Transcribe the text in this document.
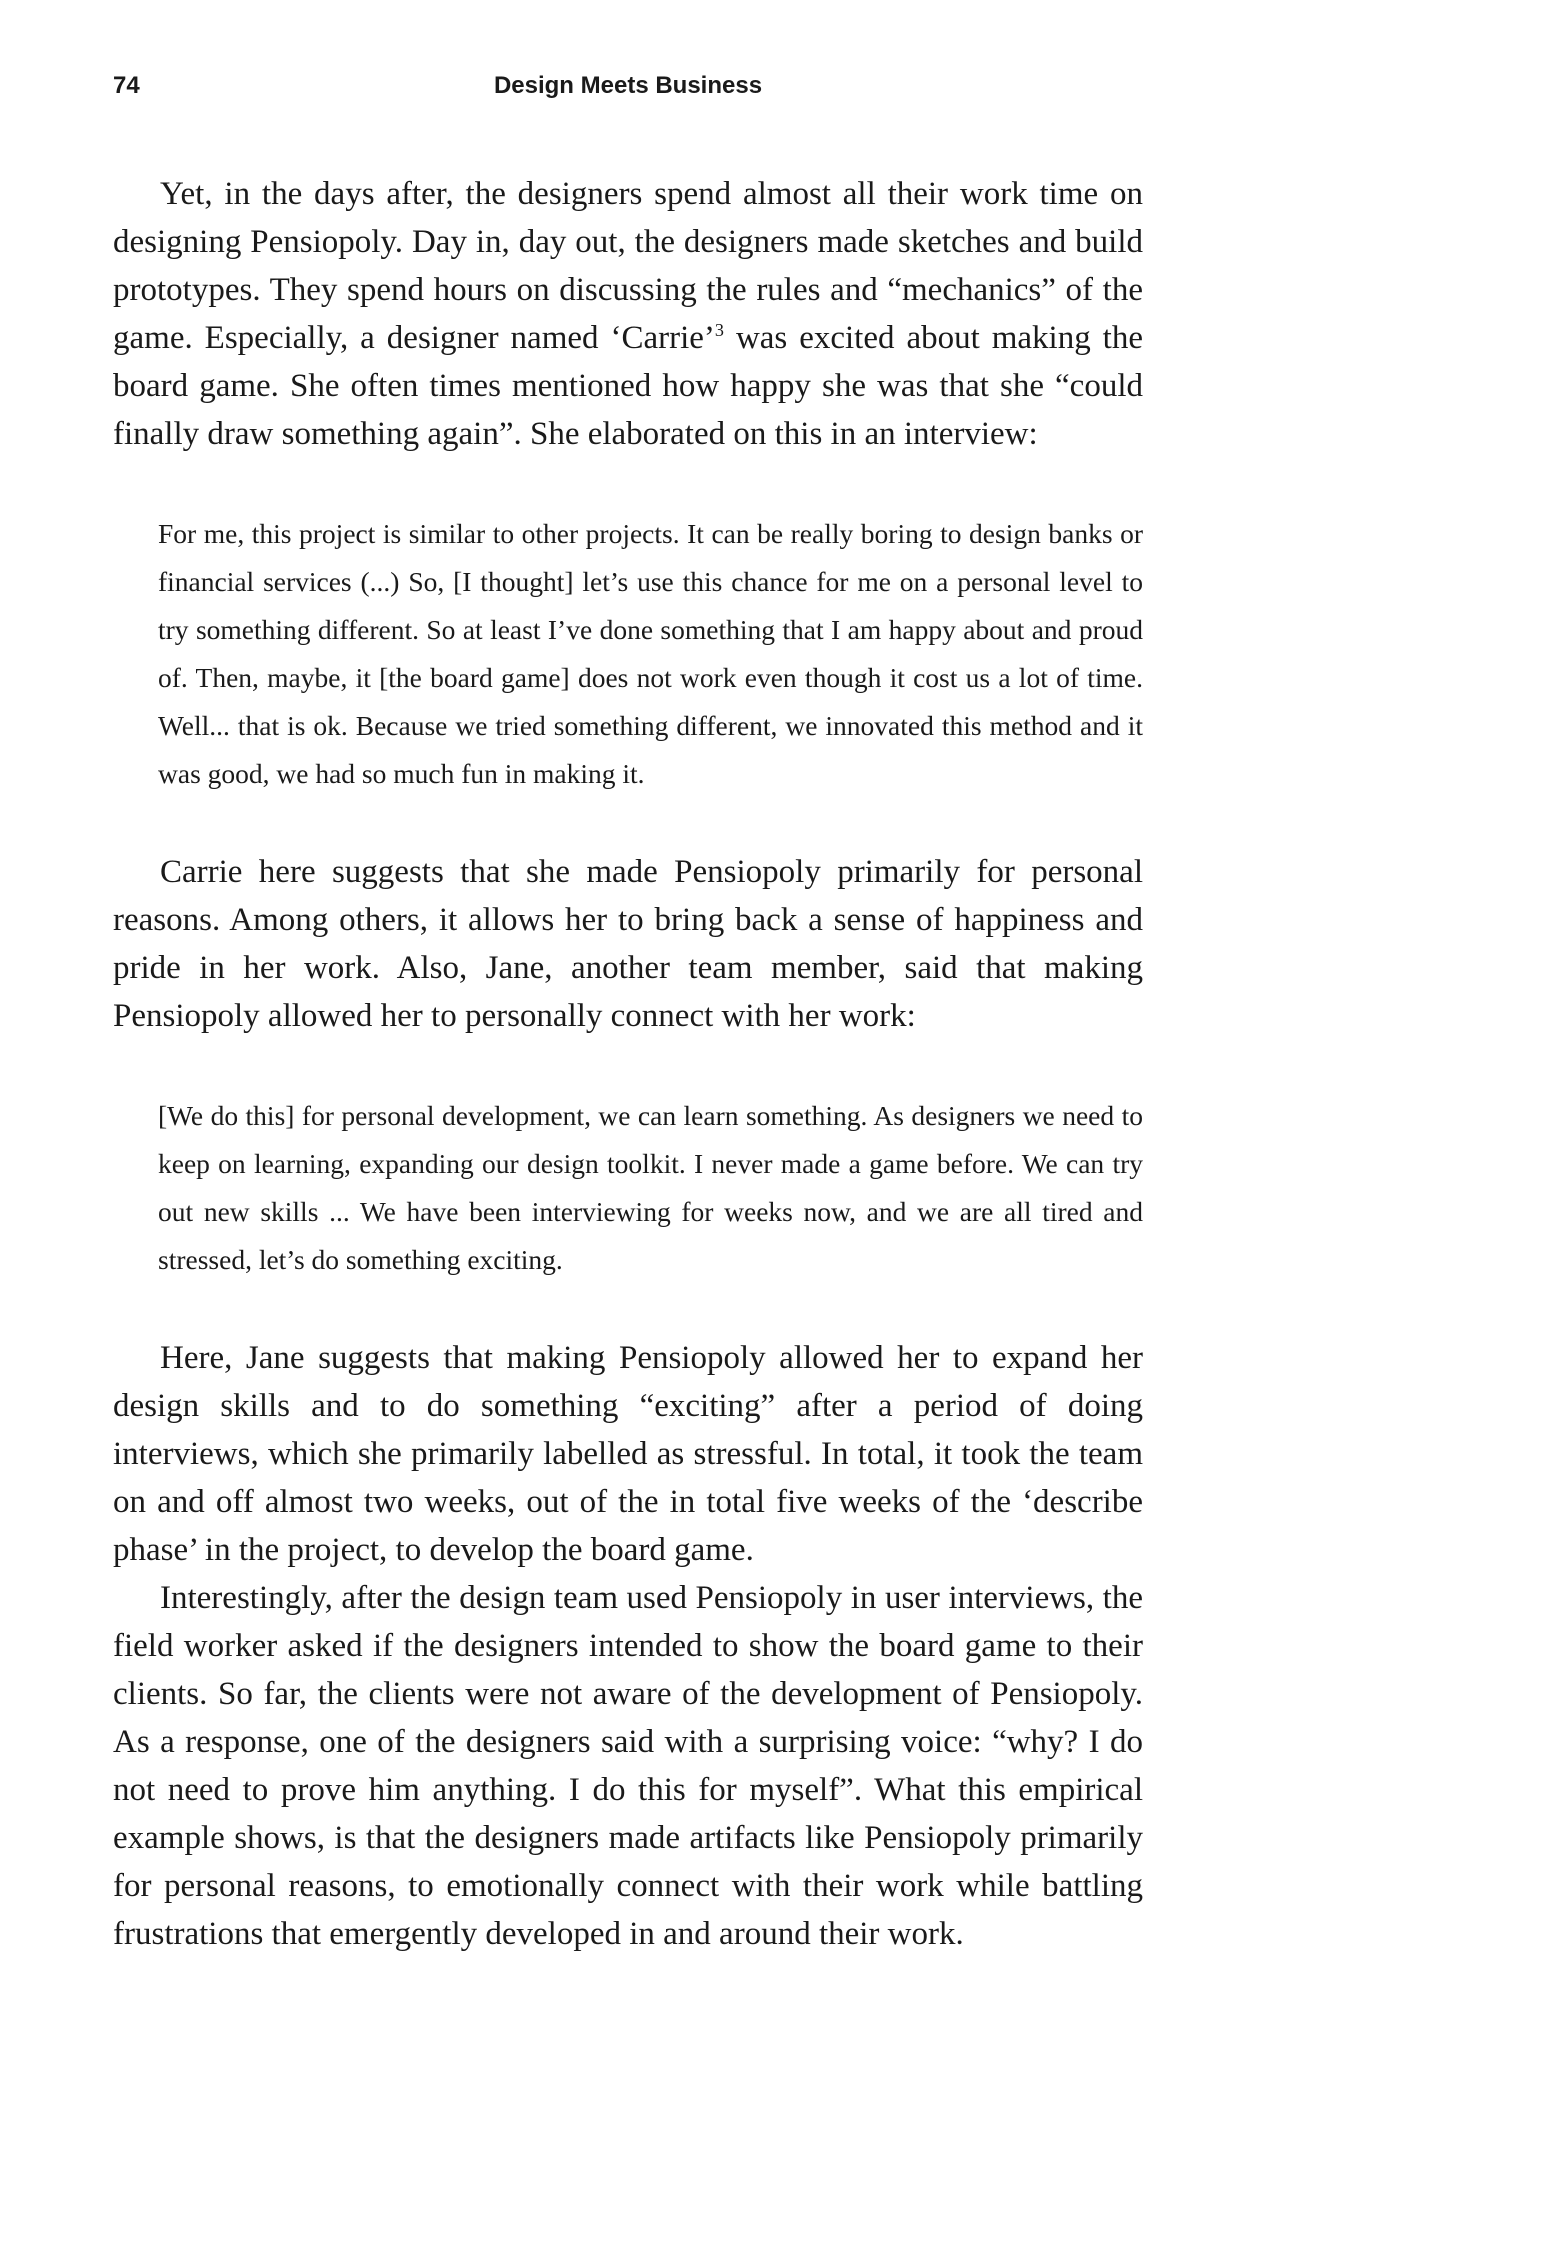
74	Design Meets Business

Yet, in the days after, the designers spend almost all their work time on designing Pensiopoly. Day in, day out, the designers made sketches and build prototypes. They spend hours on discussing the rules and “mechanics” of the game. Especially, a designer named ‘Carrie’$^3$ was excited about making the board game. She often times mentioned how happy she was that she “could finally draw something again”. She elaborated on this in an interview:

For me, this project is similar to other projects. It can be really boring to design banks or financial services (...) So, [I thought] let’s use this chance for me on a personal level to try something different. So at least I’ve done something that I am happy about and proud of. Then, maybe, it [the board game] does not work even though it cost us a lot of time. Well... that is ok. Because we tried something different, we innovated this method and it was good, we had so much fun in making it.

Carrie here suggests that she made Pensiopoly primarily for personal reasons. Among others, it allows her to bring back a sense of happiness and pride in her work. Also, Jane, another team member, said that making Pensiopoly allowed her to personally connect with her work:

[We do this] for personal development, we can learn something. As designers we need to keep on learning, expanding our design toolkit. I never made a game before. We can try out new skills ... We have been interviewing for weeks now, and we are all tired and stressed, let’s do something exciting.

Here, Jane suggests that making Pensiopoly allowed her to expand her design skills and to do something “exciting” after a period of doing interviews, which she primarily labelled as stressful. In total, it took the team on and off almost two weeks, out of the in total five weeks of the ‘describe phase’ in the project, to develop the board game.

Interestingly, after the design team used Pensiopoly in user interviews, the field worker asked if the designers intended to show the board game to their clients. So far, the clients were not aware of the development of Pensiopoly. As a response, one of the designers said with a surprising voice: “why? I do not need to prove him anything. I do this for myself”. What this empirical example shows, is that the designers made artifacts like Pensiopoly primarily for personal reasons, to emotionally connect with their work while battling frustrations that emergently developed in and around their work.
